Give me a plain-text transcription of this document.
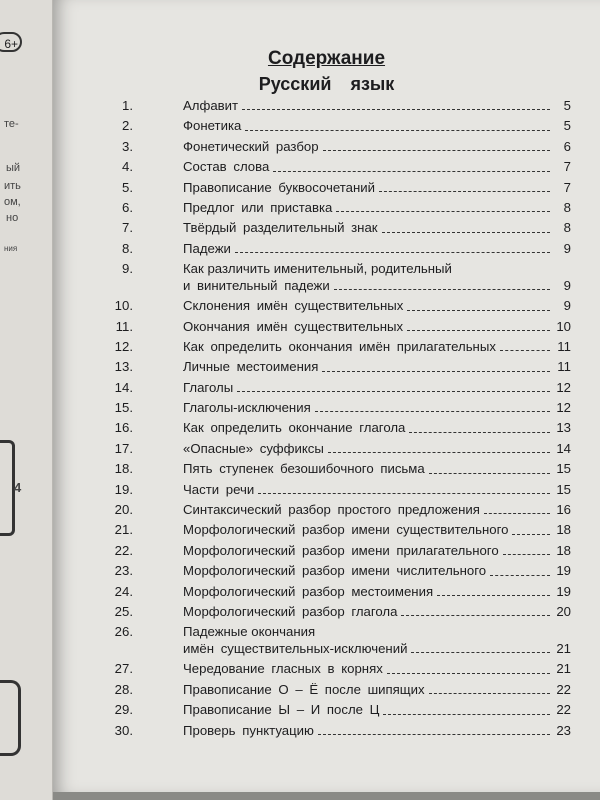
6+
те-
ый
ить
ом,
но
ния
4
Содержание
Русский язык
1.	Алфавит	5
2.	Фонетика	5
3.	Фонетический разбор	6
4.	Состав слова	7
5.	Правописание буквосочетаний	7
6.	Предлог или приставка	8
7.	Твёрдый разделительный знак	8
8.	Падежи	9
9.	Как различить именительный, родительный
и винительный падежи	9
10.	Склонения имён существительных	9
11.	Окончания имён существительных	10
12.	Как определить окончания имён прилагательных	11
13.	Личные местоимения	11
14.	Глаголы	12
15.	Глаголы-исключения	12
16.	Как определить окончание глагола	13
17.	«Опасные» суффиксы	14
18.	Пять ступенек безошибочного письма	15
19.	Части речи	15
20.	Синтаксический разбор простого предложения	16
21.	Морфологический разбор имени существительного	18
22.	Морфологический разбор имени прилагательного	18
23.	Морфологический разбор имени числительного	19
24.	Морфологический разбор местоимения	19
25.	Морфологический разбор глагола	20
26.	Падежные окончания
имён существительных-исключений	21
27.	Чередование гласных в корнях	21
28.	Правописание О – Ё после шипящих	22
29.	Правописание Ы – И после Ц	22
30.	Проверь пунктуацию	23
